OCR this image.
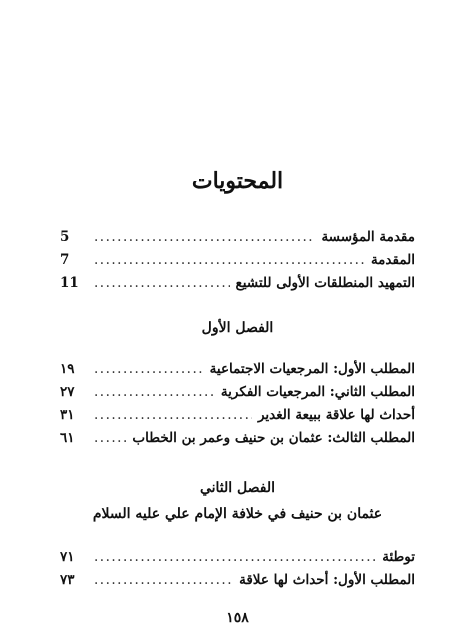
المحتويات
مقدمة المؤسسة
.....
5
المقدمة
.....
7
التمهيد المنطلقات الأولى للتشيع
.....
11
الفصل الأول
المطلب الأول: المرجعيات الاجتماعية
.....
١٩
المطلب الثاني: المرجعيات الفكرية
.....
٢٧
أحداث لها علاقة ببيعة الغدير
.....
٣١
المطلب الثالث: عثمان بن حنيف وعمر بن الخطاب
.....
٦١
الفصل الثاني
عثمان بن حنيف في خلافة الإمام علي عليه السلام
توطئة
.....
٧١
المطلب الأول: أحداث لها علاقة
.....
٧٣
١٥٨
